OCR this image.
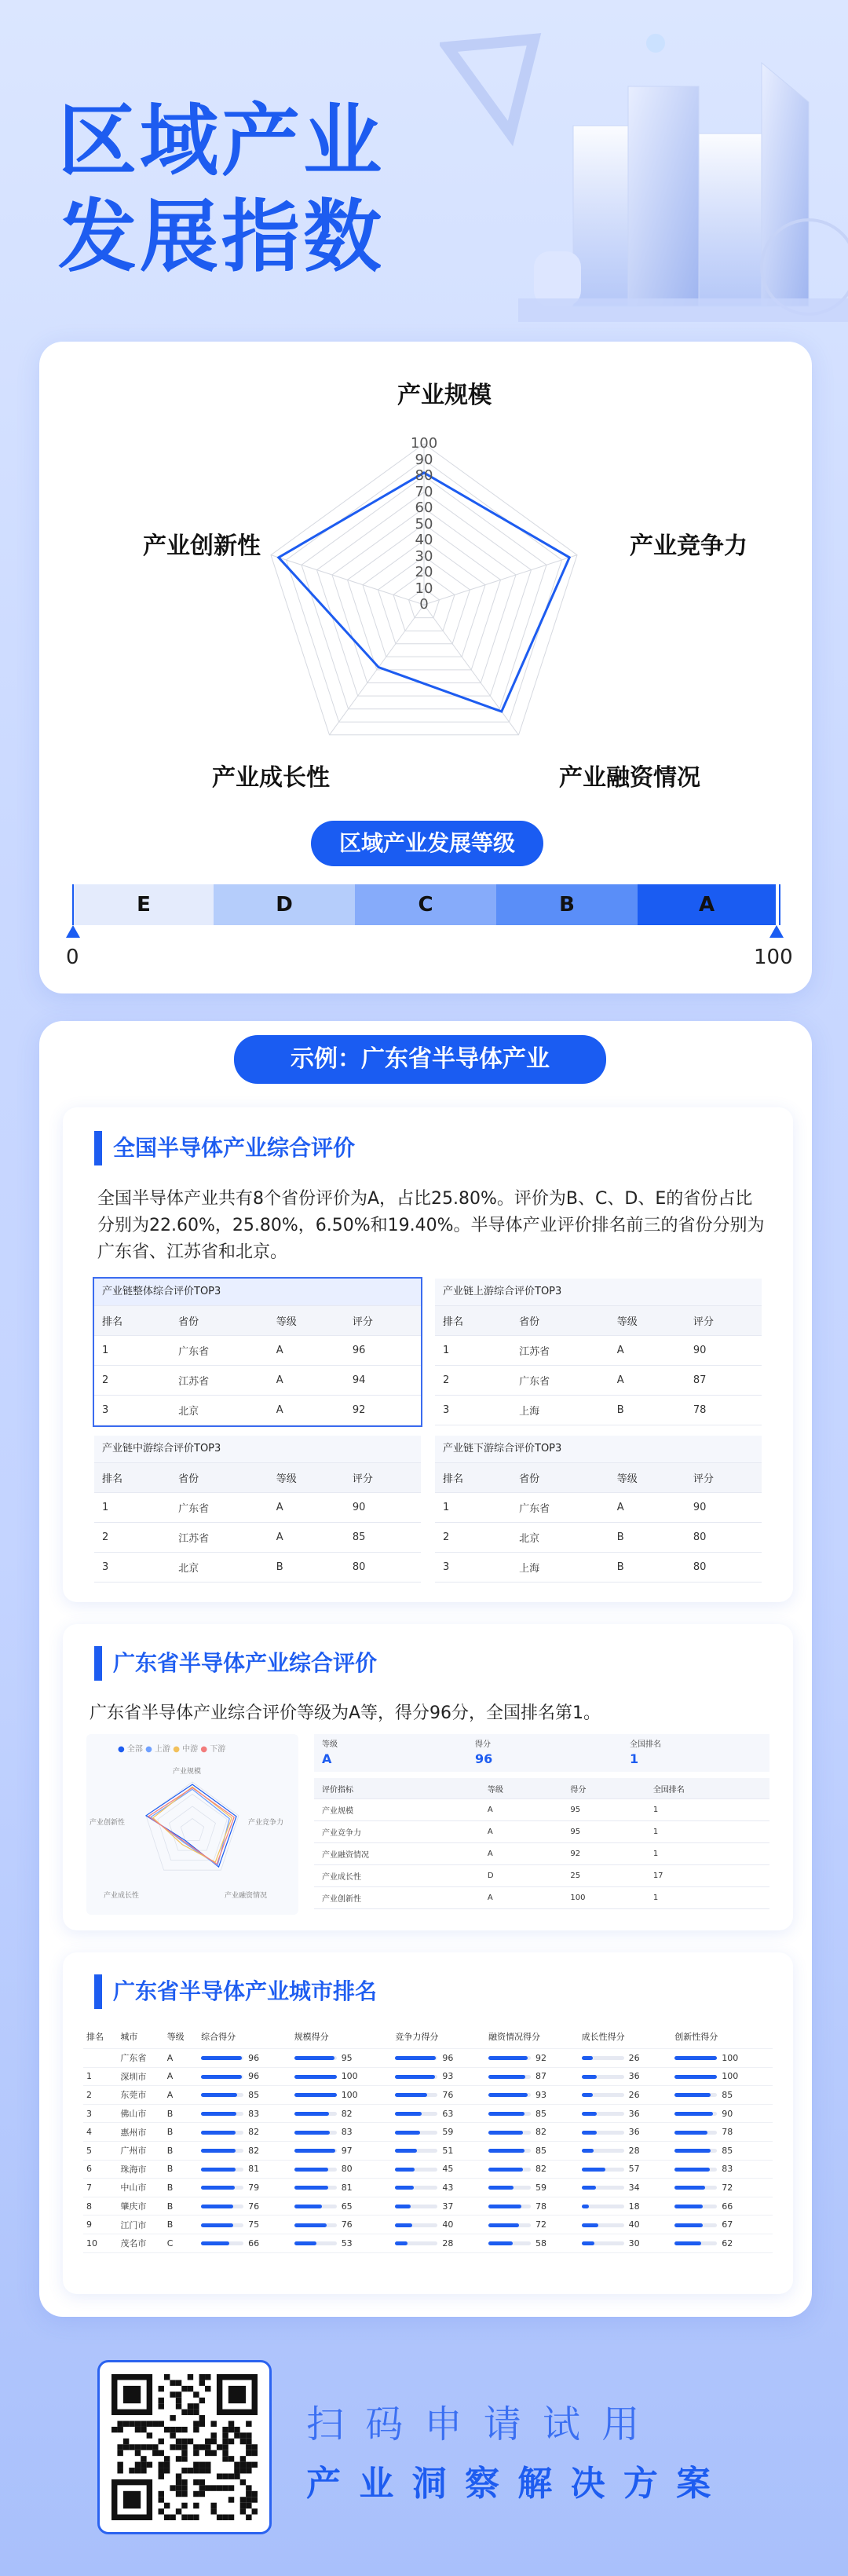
区域产业
发展指数
产业规模
产业竞争力
产业融资情况
产业成长性
产业创新性
100
90
80
70
60
50
40
30
20
10
0
区域产业发展等级
E	D	C	B	A
0	100
示例：广东省半导体产业
全国半导体产业综合评价
全国半导体产业共有8个省份评价为A，占比25.80%。评价为B、C、D、E的省份占比分别为22.60%，25.80%，6.50%和19.40%。半导体产业评价排名前三的省份分别为广东省、江苏省和北京。
产业链整体综合评价TOP3
排名	省份	等级	评分
1	广东省	A	96
2	江苏省	A	94
3	北京	A	92
产业链上游综合评价TOP3
排名	省份	等级	评分
1	江苏省	A	90
2	广东省	A	87
3	上海	B	78
产业链中游综合评价TOP3
排名	省份	等级	评分
1	广东省	A	90
2	江苏省	A	85
3	北京	B	80
产业链下游综合评价TOP3
排名	省份	等级	评分
1	广东省	A	90
2	北京	B	80
3	上海	B	80
广东省半导体产业综合评价
广东省半导体产业综合评价等级为A等，得分96分，全国排名第1。
● 全部 ● 上游 ● 中游 ● 下游
产业规模
产业创新性
产业成长性	产业融资情况
产业竞争力
等级
A
得分
96
全国排名
1
评价指标	等级	得分	全国排名
产业规模	A	95	1
产业竞争力	A	95	1
产业融资情况	A	92	1
产业成长性	D	25	17
产业创新性	A	100	1
广东省半导体产业城市排名
排名	城市	等级	综合得分	规模得分	竞争力得分	融资情况得分	成长性得分	创新性得分
	广东省	A	96	95	96	92	26	100
1	深圳市	A	96	100	93	87	36	100
2	东莞市	A	85	100	76	93	26	85
3	佛山市	B	83	82	63	85	36	90
4	惠州市	B	82	83	59	82	36	78
5	广州市	B	82	97	51	85	28	85
6	珠海市	B	81	80	45	82	57	83
7	中山市	B	79	81	43	59	34	72
8	肇庆市	B	76	65	37	78	18	66
9	江门市	B	75	76	40	72	40	67
10	茂名市	C	66	53	28	58	30	62
扫 码 申 请 试 用
产 业 洞 察 解 决 方 案
